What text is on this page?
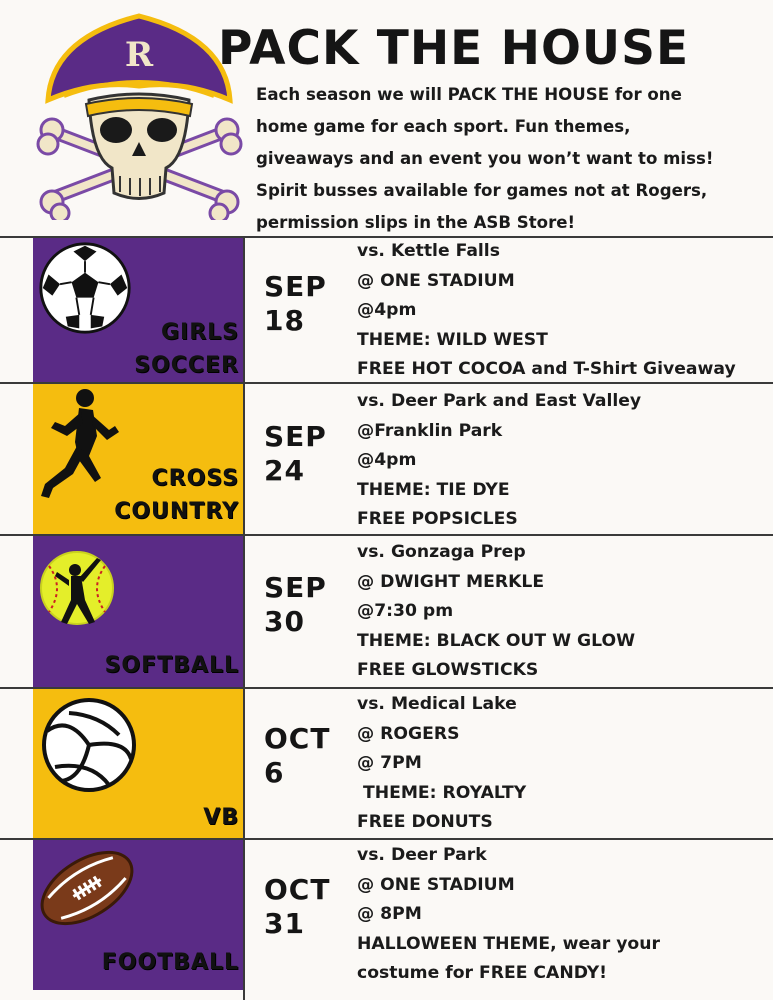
R PACK THE HOUSE
Each season we will PACK THE HOUSE for one home game for each sport. Fun themes, giveaways and an event you won’t want to miss! Spirit busses available for games not at Rogers, permission slips in the ASB Store!
GIRLS
SOCCER
SEP
18
vs. Kettle Falls
@ ONE STADIUM
@4pm
THEME: WILD WEST
FREE HOT COCOA and T-Shirt Giveaway
CROSS
COUNTRY
SEP
24
vs. Deer Park and East Valley
@Franklin Park
@4pm
THEME: TIE DYE
FREE POPSICLES
SOFTBALL
SEP
30
vs. Gonzaga Prep
@ DWIGHT MERKLE
@7:30 pm
THEME: BLACK OUT W GLOW
FREE GLOWSTICKS
VB
OCT
6
vs. Medical Lake
@ ROGERS
@ 7PM
THEME: ROYALTY
FREE DONUTS
FOOTBALL
OCT
31
vs. Deer Park
@ ONE STADIUM
@ 8PM
HALLOWEEN THEME, wear your
costume for FREE CANDY!
